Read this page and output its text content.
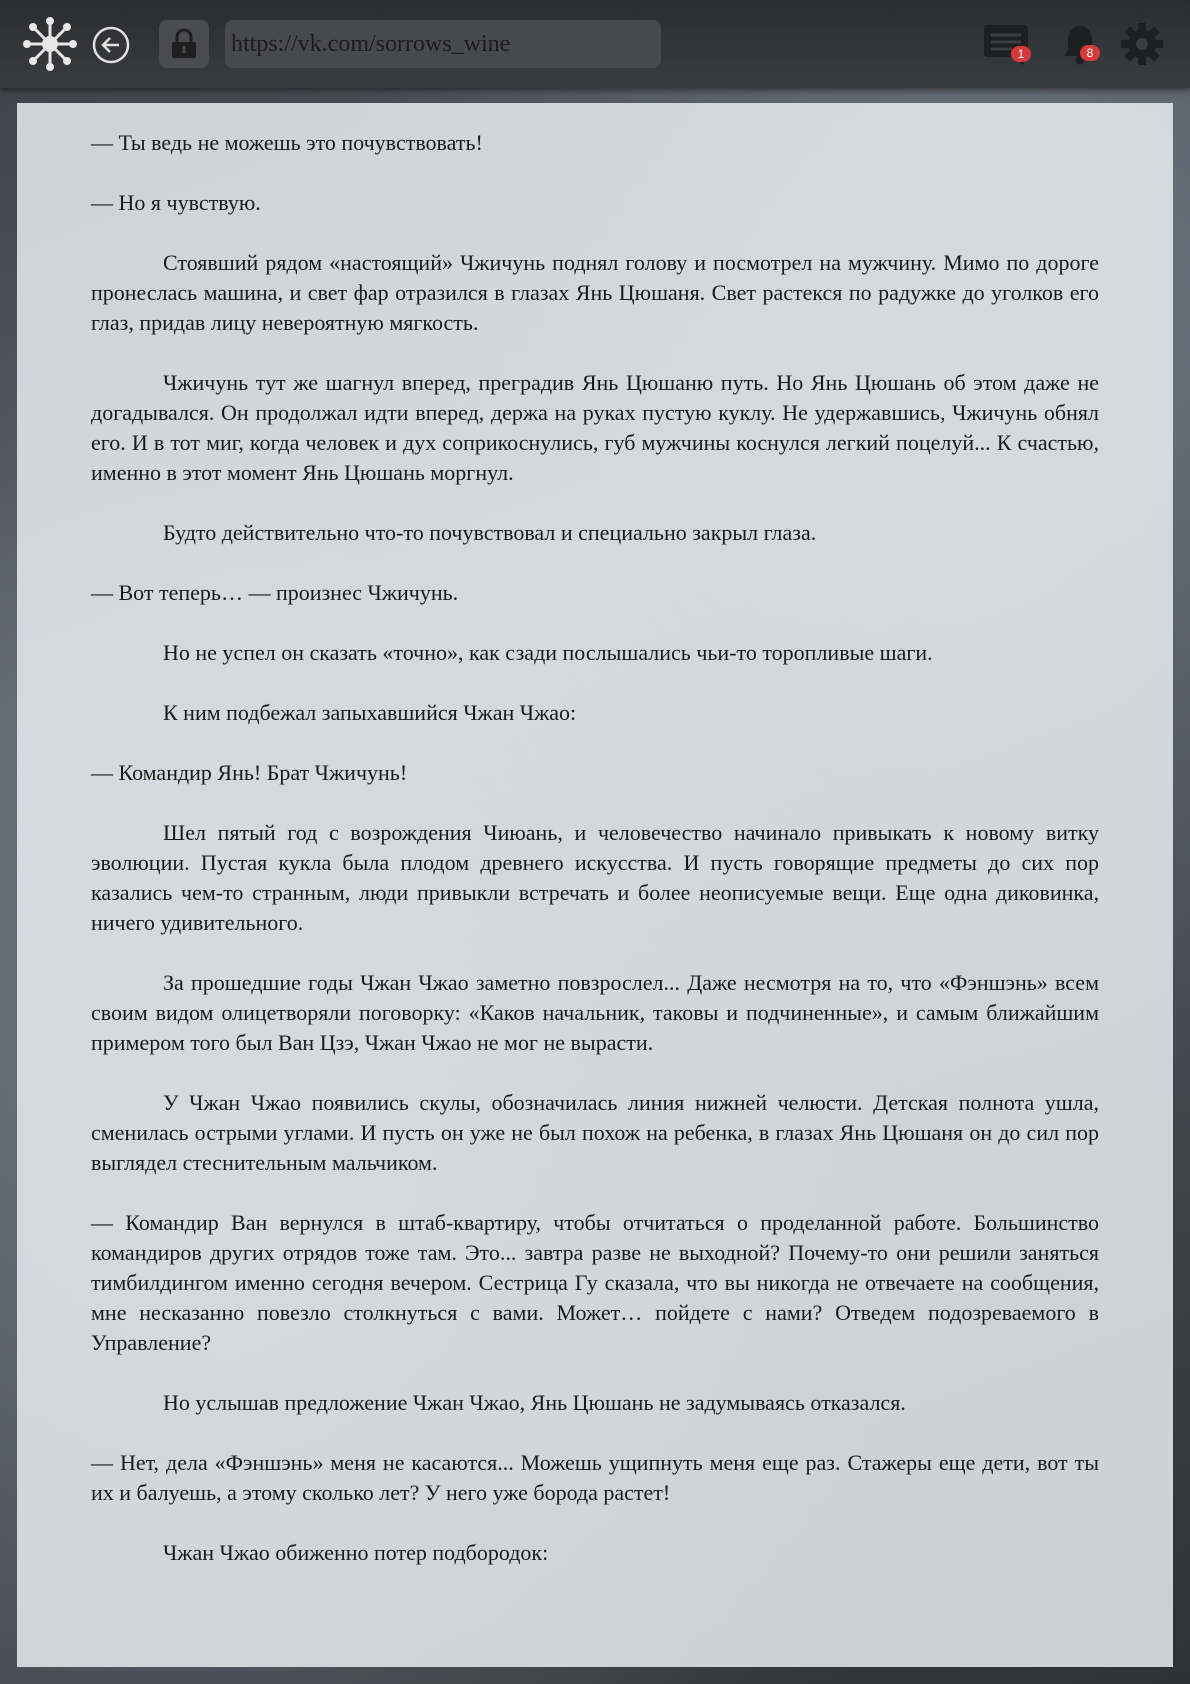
https://vk.com/sorrows_wine	1	8

— Ты ведь не можешь это почувствовать!

— Но я чувствую.

Стоявший рядом «настоящий» Чжичунь поднял голову и посмотрел на мужчину. Мимо по дороге пронеслась машина, и свет фар отразился в глазах Янь Цюшаня. Свет растекся по радужке до уголков его глаз, придав лицу невероятную мягкость.

Чжичунь тут же шагнул вперед, преградив Янь Цюшаню путь. Но Янь Цюшань об этом даже не догадывался. Он продолжал идти вперед, держа на руках пустую куклу. Не удержавшись, Чжичунь обнял его. И в тот миг, когда человек и дух соприкоснулись, губ мужчины коснулся легкий поцелуй... К счастью, именно в этот момент Янь Цюшань моргнул.

Будто действительно что-то почувствовал и специально закрыл глаза.

— Вот теперь… — произнес Чжичунь.

Но не успел он сказать «точно», как сзади послышались чьи-то торопливые шаги.

К ним подбежал запыхавшийся Чжан Чжао:

— Командир Янь! Брат Чжичунь!

Шел пятый год с возрождения Чиюань, и человечество начинало привыкать к новому витку эволюции. Пустая кукла была плодом древнего искусства. И пусть говорящие предметы до сих пор казались чем-то странным, люди привыкли встречать и более неописуемые вещи. Еще одна диковинка, ничего удивительного.

За прошедшие годы Чжан Чжао заметно повзрослел... Даже несмотря на то, что «Фэншэнь» всем своим видом олицетворяли поговорку: «Каков начальник, таковы и подчиненные», и самым ближайшим примером того был Ван Цзэ, Чжан Чжао не мог не вырасти.

У Чжан Чжао появились скулы, обозначилась линия нижней челюсти. Детская полнота ушла, сменилась острыми углами. И пусть он уже не был похож на ребенка, в глазах Янь Цюшаня он до сил пор выглядел стеснительным мальчиком.

— Командир Ван вернулся в штаб-квартиру, чтобы отчитаться о проделанной работе. Большинство командиров других отрядов тоже там. Это... завтра разве не выходной? Почему-то они решили заняться тимбилдингом именно сегодня вечером. Сестрица Гу сказала, что вы никогда не отвечаете на сообщения, мне несказанно повезло столкнуться с вами. Может… пойдете с нами? Отведем подозреваемого в Управление?

Но услышав предложение Чжан Чжао, Янь Цюшань не задумываясь отказался.

— Нет, дела «Фэншэнь» меня не касаются... Можешь ущипнуть меня еще раз. Стажеры еще дети, вот ты их и балуешь, а этому сколько лет? У него уже борода растет!

Чжан Чжао обиженно потер подбородок:
